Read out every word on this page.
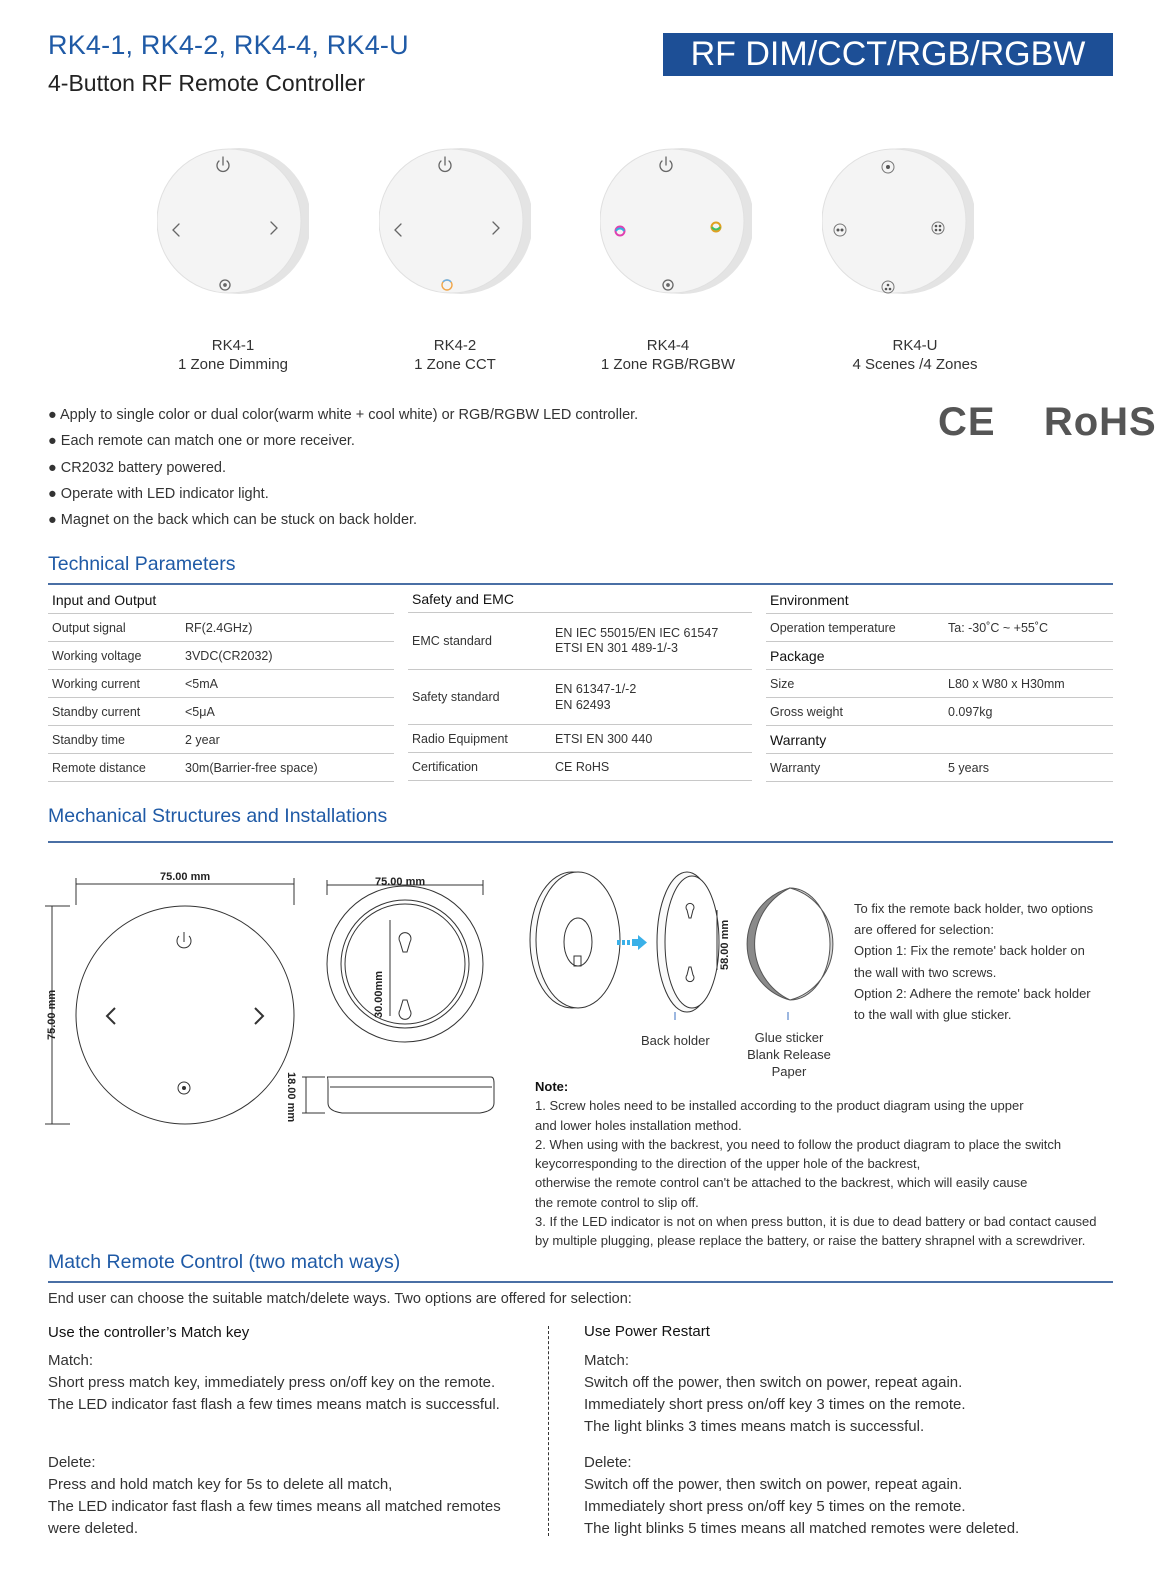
RK4-1, RK4-2, RK4-4, RK4-U
4-Button RF Remote Controller
RF DIM/CCT/RGB/RGBW
RK4-1
1 Zone Dimming
RK4-2
1 Zone CCT
RK4-4
1 Zone RGB/RGBW
RK4-U
4 Scenes /4 Zones
● Apply to single color or dual color(warm white + cool white) or RGB/RGBW LED controller.
● Each remote can match one or more receiver.
● CR2032 battery powered.
● Operate with LED indicator light.
● Magnet on the back which can be stuck on back holder.
CE RoHS
Technical Parameters
Input and Output	
Output signal	RF(2.4GHz)
Working voltage	3VDC(CR2032)
Working current	<5mA
Standby current	<5μA
Standby time	2 year
Remote distance	30m(Barrier-free space)
Safety and EMC	
EMC standard	EN IEC 55015/EN IEC 61547
ETSI EN 301 489-1/-3

Safety standard	EN 61347-1/-2
EN 62493

Radio Equipment	ETSI EN 300 440
Certification	CE RoHS
Environment	
Operation temperature	Ta: -30˚C ~ +55˚C
Package	
Size	L80 x W80 x H30mm
Gross weight	0.097kg
Warranty	
Warranty	5 years
Mechanical Structures and Installations
75.00 mm	75.00 mm
75.00 mm	30.00mm
18.00 mm
58.00 mm
Back holder	Glue sticker
Blank Release Paper
To fix the remote back holder, two options
are offered for selection:
Option 1: Fix the remote' back holder on
the wall with two screws.
Option 2: Adhere the remote' back holder
to the wall with glue sticker.
Note:
1. Screw holes need to be installed according to the product diagram using the upper
and lower holes installation method.
2. When using with the backrest, you need to follow the product diagram to place the switch
keycorresponding to the direction of the upper hole of the backrest,
otherwise the remote control can't be attached to the backrest, which will easily cause
the remote control to slip off.
3. If the LED indicator is not on when press button, it is due to dead battery or bad contact caused
by multiple plugging, please replace the battery, or raise the battery shrapnel with a screwdriver.
Match Remote Control (two match ways)
End user can choose the suitable match/delete ways. Two options are offered for selection:
Use the controller’s Match key
Match:
Short press match key, immediately press on/off key on the remote.
The LED indicator fast flash a few times means match is successful.
Delete:
Press and hold match key for 5s to delete all match,
The LED indicator fast flash a few times means all matched remotes
were deleted.
Use Power Restart
Match:
Switch off the power, then switch on power, repeat again.
Immediately short press on/off key 3 times on the remote.
The light blinks 3 times means match is successful.
Delete:
Switch off the power, then switch on power, repeat again.
Immediately short press on/off key 5 times on the remote.
The light blinks 5 times means all matched remotes were deleted.
